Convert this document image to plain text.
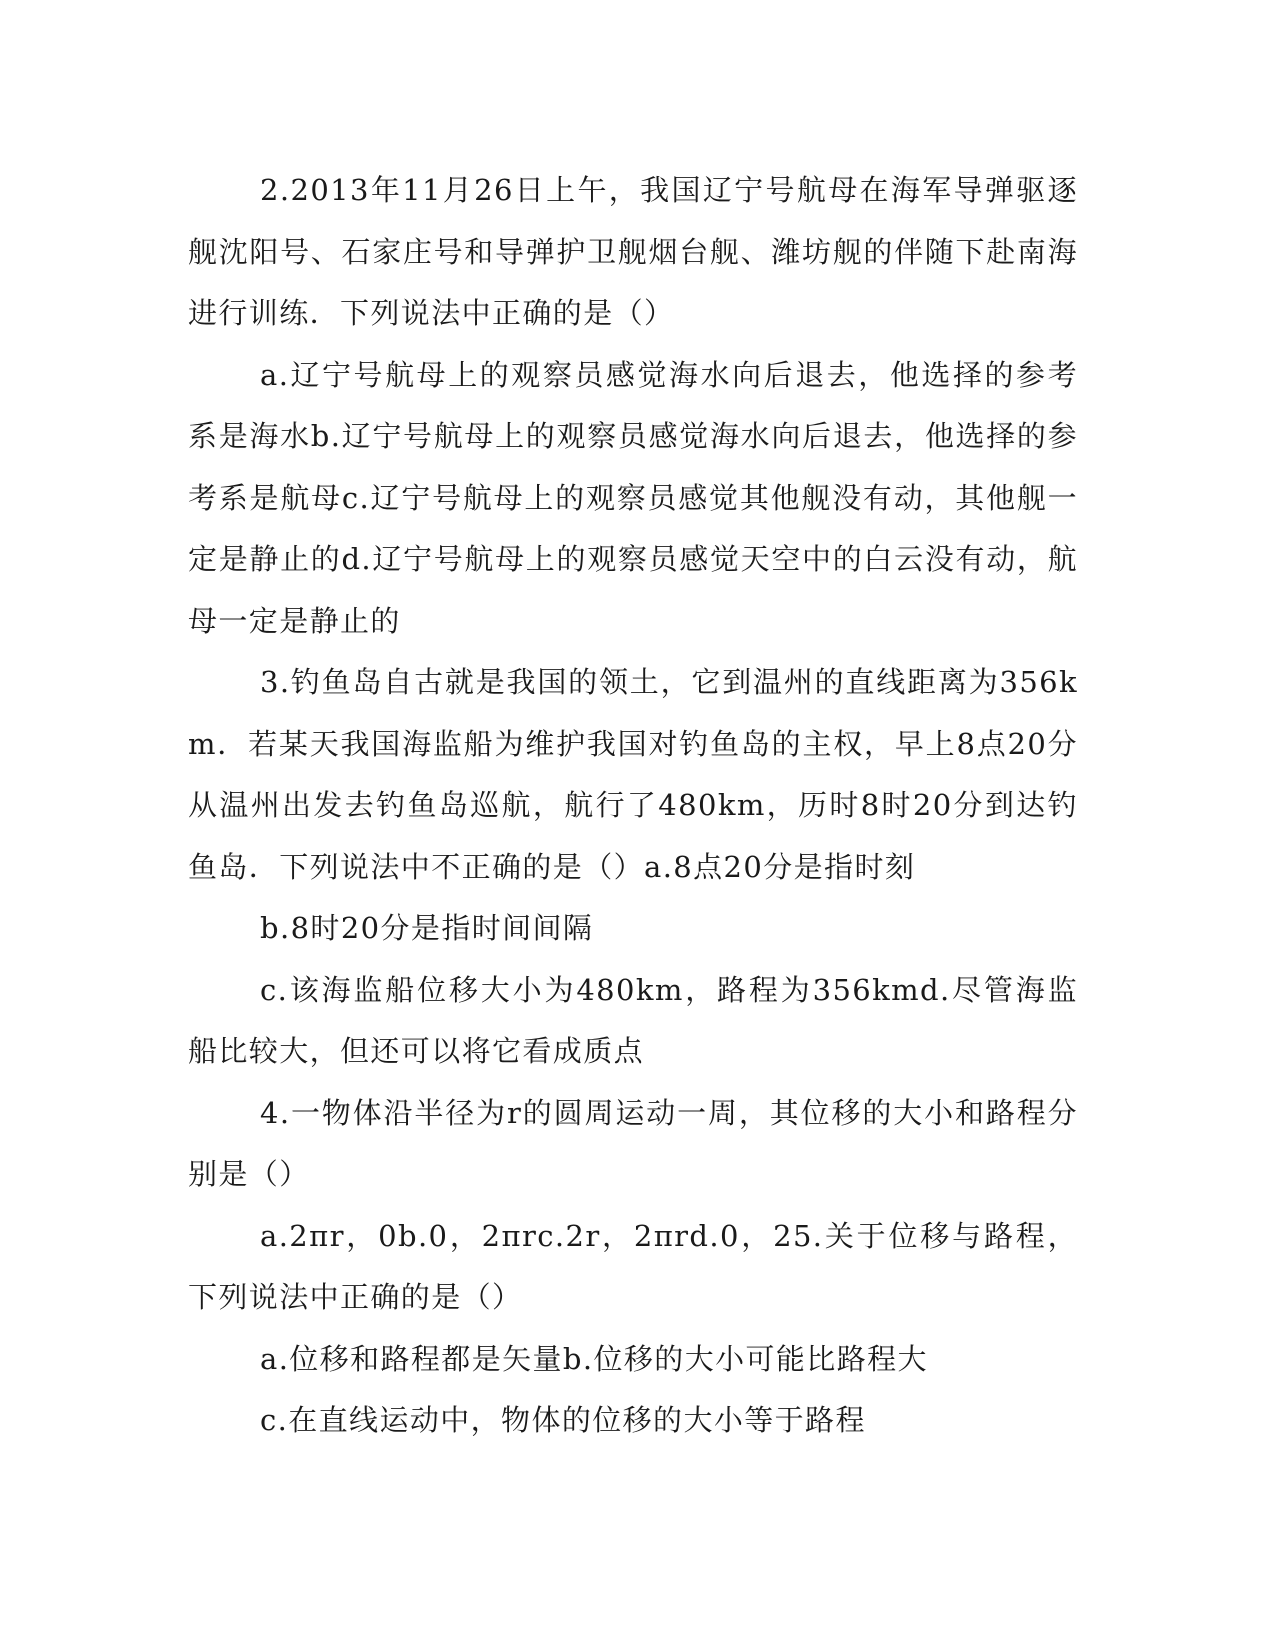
2.2013年11月26日上午，我国辽宁号航母在海军导弹驱逐舰沈阳号、石家庄号和导弹护卫舰烟台舰、潍坊舰的伴随下赴南海进行训练．下列说法中正确的是（）

a.辽宁号航母上的观察员感觉海水向后退去，他选择的参考系是海水b.辽宁号航母上的观察员感觉海水向后退去，他选择的参考系是航母c.辽宁号航母上的观察员感觉其他舰没有动，其他舰一定是静止的d.辽宁号航母上的观察员感觉天空中的白云没有动，航母一定是静止的

3.钓鱼岛自古就是我国的领土，它到温州的直线距离为356km．若某天我国海监船为维护我国对钓鱼岛的主权，早上8点20分从温州出发去钓鱼岛巡航，航行了480km，历时8时20分到达钓鱼岛．下列说法中不正确的是（）a.8点20分是指时刻

b.8时20分是指时间间隔

c.该海监船位移大小为480km，路程为356kmd.尽管海监船比较大，但还可以将它看成质点

4.一物体沿半径为r的圆周运动一周，其位移的大小和路程分别是（）

a.2πr，0b.0，2πrc.2r，2πrd.0，25.关于位移与路程，下列说法中正确的是（）

a.位移和路程都是矢量b.位移的大小可能比路程大

c.在直线运动中，物体的位移的大小等于路程
